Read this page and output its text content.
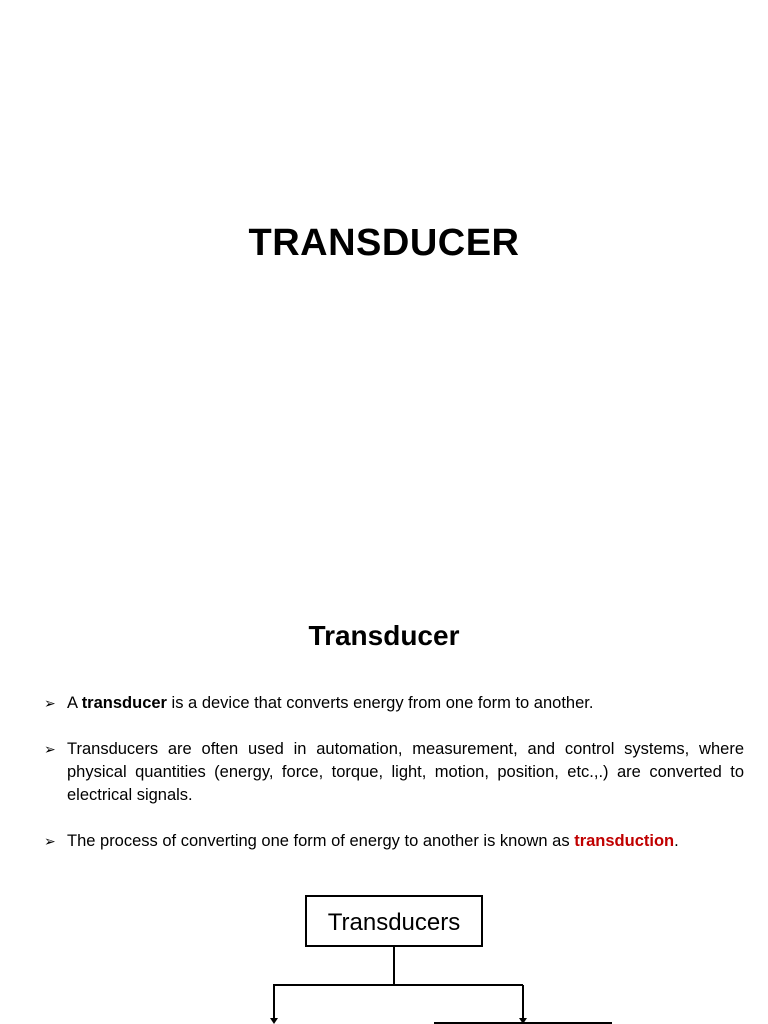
TRANSDUCER
Transducer
➢ A transducer is a device that converts energy from one form to another.
➢ Transducers are often used in automation, measurement, and control systems, where physical quantities (energy, force, torque, light, motion, position, etc.,.) are converted to electrical signals.
➢ The process of converting one form of energy to another is known as transduction.
Transducers
